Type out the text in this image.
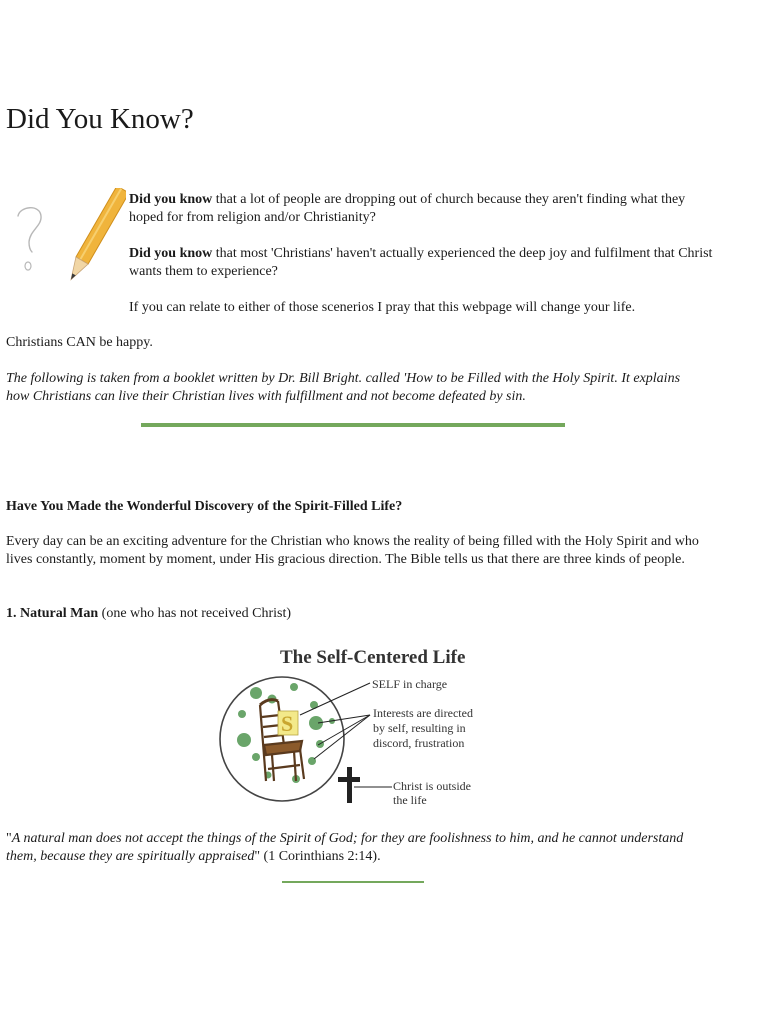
Did You Know?

Did you know that a lot of people are dropping out of church because they aren't finding what they hoped for from religion and/or Christianity?

Did you know that most 'Christians' haven't actually experienced the deep joy and fulfilment that Christ wants them to experience?

If you can relate to either of those scenerios I pray that this webpage will change your life.

Christians CAN be happy.

The following is taken from a booklet written by Dr. Bill Bright. called 'How to be Filled with the Holy Spirit. It explains how Christians can live their Christian lives with fulfillment and not become defeated by sin.

Have You Made the Wonderful Discovery of the Spirit-Filled Life?

Every day can be an exciting adventure for the Christian who knows the reality of being filled with the Holy Spirit and who lives constantly, moment by moment, under His gracious direction. The Bible tells us that there are three kinds of people.

1. Natural Man (one who has not received Christ)

The Self-Centered Life
S
SELF in charge
Interests are directed
by self, resulting in
discord, frustration
Christ is outside
the life

"A natural man does not accept the things of the Spirit of God; for they are foolishness to him, and he cannot understand them, because they are spiritually appraised" (1 Corinthians 2:14).
